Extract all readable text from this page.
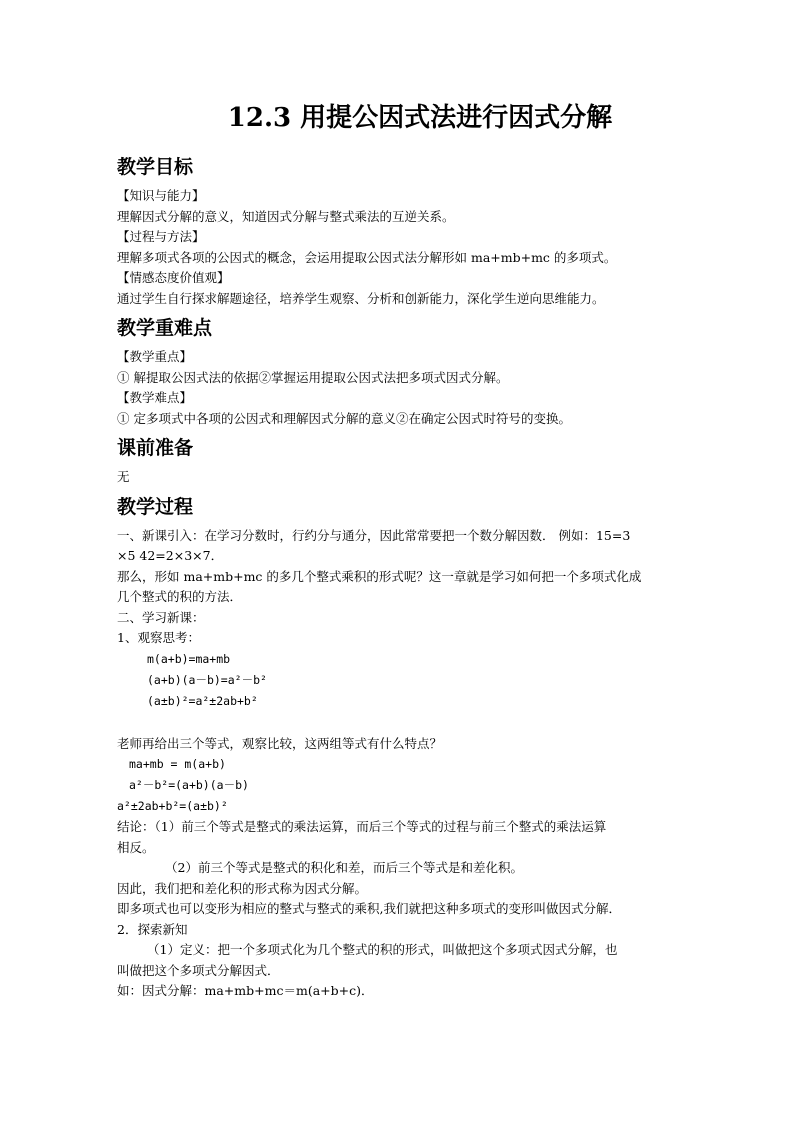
12.3 用提公因式法进行因式分解
教学目标

【知识与能力】

理解因式分解的意义，知道因式分解与整式乘法的互逆关系。

【过程与方法】

理解多项式各项的公因式的概念，会运用提取公因式法分解形如 ma+mb+mc 的多项式。

【情感态度价值观】

通过学生自行探求解题途径，培养学生观察、分析和创新能力，深化学生逆向思维能力。

教学重难点

【教学重点】

① 解提取公因式法的依据②掌握运用提取公因式法把多项式因式分解。

【教学难点】

① 定多项式中各项的公因式和理解因式分解的意义②在确定公因式时符号的变换。

课前准备

无

教学过程

一、新课引入：在学习分数时，行约分与通分，因此常常要把一个数分解因数． 例如：15=3

×5 42=2×3×7．

那么，形如 ma+mb+mc 的多几个整式乘积的形式呢？这一章就是学习如何把一个多项式化成

几个整式的积的方法．

二、学习新课：

1、观察思考：

m(a+b)=ma+mb

(a+b)(a－b)=a²－b²

(a±b)²=a²±2ab+b²

老师再给出三个等式，观察比较，这两组等式有什么特点？

ma+mb = m(a+b)

a²－b²=(a+b)(a－b)

a²±2ab+b²=(a±b)²

结论：（1）前三个等式是整式的乘法运算，而后三个等式的过程与前三个整式的乘法运算

相反。

（2）前三个等式是整式的积化和差，而后三个等式是和差化积。

因此，我们把和差化积的形式称为因式分解。

即多项式也可以变形为相应的整式与整式的乘积,我们就把这种多项式的变形叫做因式分解．

2．探索新知

（1）定义：把一个多项式化为几个整式的积的形式，叫做把这个多项式因式分解，也

叫做把这个多项式分解因式．

如：因式分解：ma+mb+mc＝m(a+b+c)．
